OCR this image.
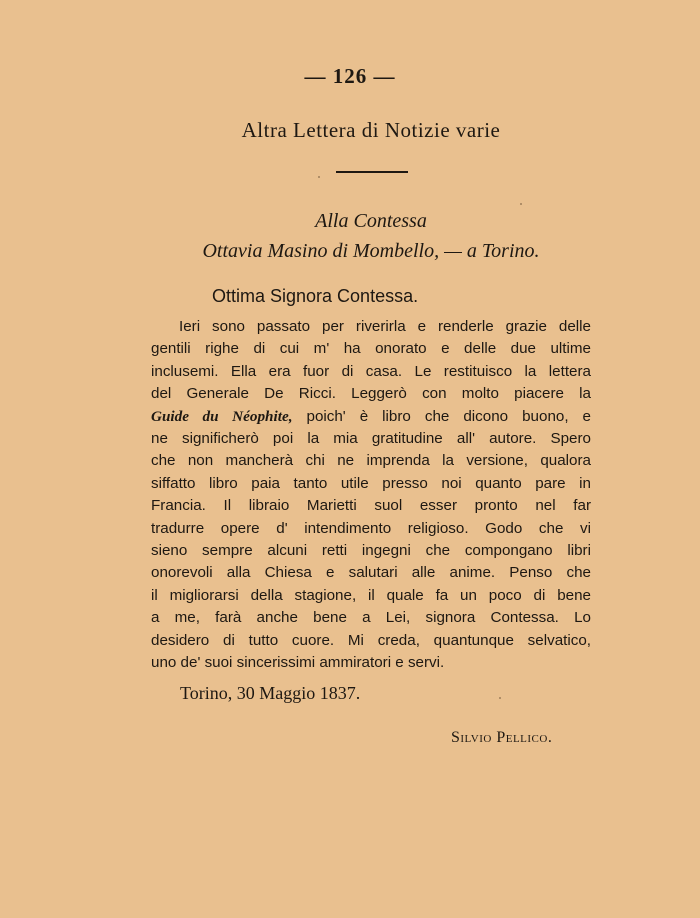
— 126 —
Altra Lettera di Notizie varie
Alla Contessa
Ottavia Masino di Mombello, — a Torino.
Ottima Signora Contessa.
Ieri sono passato per riverirla e renderle grazie delle
gentili righe di cui m' ha onorato e delle due ultime
inclusemi. Ella era fuor di casa. Le restituisco la lettera
del Generale De Ricci. Leggerò con molto piacere la
Guide du Néophite, poich' è libro che dicono buono, e
ne significherò poi la mia gratitudine all' autore. Spero
che non mancherà chi ne imprenda la versione, qualora
siffatto libro paia tanto utile presso noi quanto pare in
Francia. Il libraio Marietti suol esser pronto nel far
tradurre opere d' intendimento religioso. Godo che vi
sieno sempre alcuni retti ingegni che compongano libri
onorevoli alla Chiesa e salutari alle anime. Penso che
il migliorarsi della stagione, il quale fa un poco di bene
a me, farà anche bene a Lei, signora Contessa. Lo
desidero di tutto cuore. Mi creda, quantunque selvatico,
uno de' suoi sincerissimi ammiratori e servi.
Torino, 30 Maggio 1837.
Silvio Pellico.
